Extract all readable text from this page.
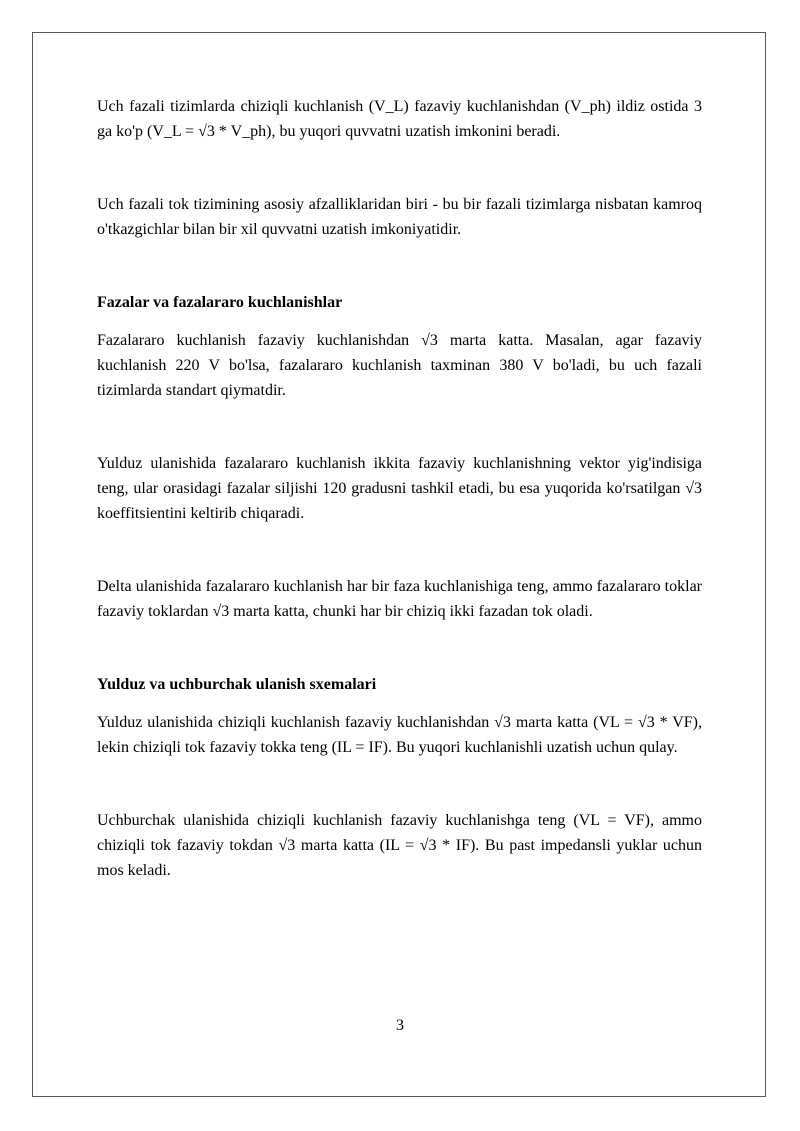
Uch fazali tizimlarda chiziqli kuchlanish (V_L) fazaviy kuchlanishdan (V_ph) ildiz ostida 3 ga ko'p (V_L = √3 * V_ph), bu yuqori quvvatni uzatish imkonini beradi.

Uch fazali tok tizimining asosiy afzalliklaridan biri - bu bir fazali tizimlarga nisbatan kamroq o'tkazgichlar bilan bir xil quvvatni uzatish imkoniyatidir.

Fazalar va fazalararo kuchlanishlar

Fazalararo kuchlanish fazaviy kuchlanishdan √3 marta katta. Masalan, agar fazaviy kuchlanish 220 V bo'lsa, fazalararo kuchlanish taxminan 380 V bo'ladi, bu uch fazali tizimlarda standart qiymatdir.

Yulduz ulanishida fazalararo kuchlanish ikkita fazaviy kuchlanishning vektor yig'indisiga teng, ular orasidagi fazalar siljishi 120 gradusni tashkil etadi, bu esa yuqorida ko'rsatilgan √3 koeffitsientini keltirib chiqaradi.

Delta ulanishida fazalararo kuchlanish har bir faza kuchlanishiga teng, ammo fazalararo toklar fazaviy toklardan √3 marta katta, chunki har bir chiziq ikki fazadan tok oladi.

Yulduz va uchburchak ulanish sxemalari

Yulduz ulanishida chiziqli kuchlanish fazaviy kuchlanishdan √3 marta katta (VL = √3 * VF), lekin chiziqli tok fazaviy tokka teng (IL = IF). Bu yuqori kuchlanishli uzatish uchun qulay.

Uchburchak ulanishida chiziqli kuchlanish fazaviy kuchlanishga teng (VL = VF), ammo chiziqli tok fazaviy tokdan √3 marta katta (IL = √3 * IF). Bu past impedansli yuklar uchun mos keladi.

3
